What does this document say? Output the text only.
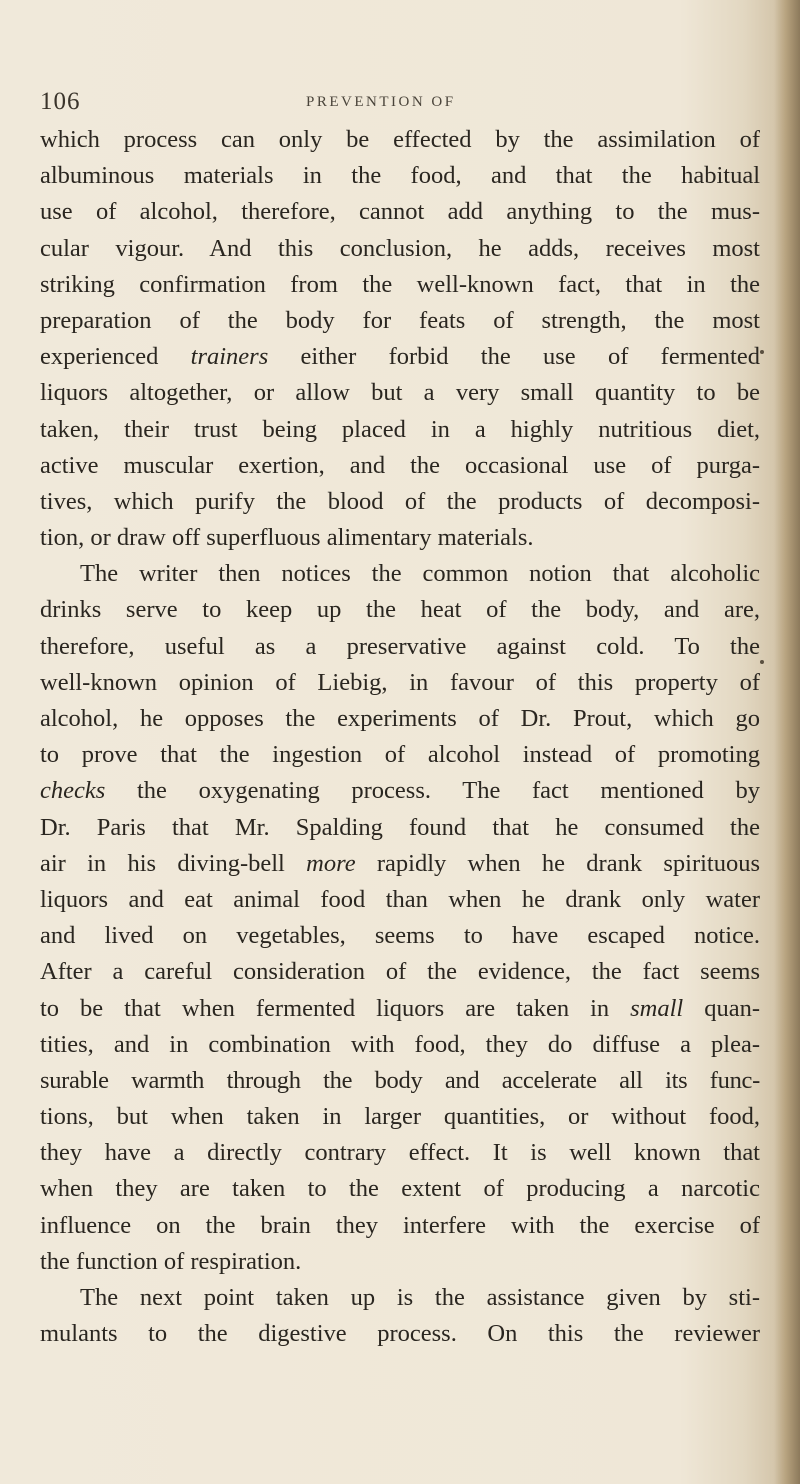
106	PREVENTION OF
which process can only be effected by the assimilation of
albuminous materials in the food, and that the habitual
use of alcohol, therefore, cannot add anything to the mus-
cular vigour. And this conclusion, he adds, receives most
striking confirmation from the well-known fact, that in the
preparation of the body for feats of strength, the most
experienced trainers either forbid the use of fermented
liquors altogether, or allow but a very small quantity to be
taken, their trust being placed in a highly nutritious diet,
active muscular exertion, and the occasional use of purga-
tives, which purify the blood of the products of decomposi-
tion, or draw off superfluous alimentary materials.
The writer then notices the common notion that alcoholic
drinks serve to keep up the heat of the body, and are,
therefore, useful as a preservative against cold. To the
well-known opinion of Liebig, in favour of this property of
alcohol, he opposes the experiments of Dr. Prout, which go
to prove that the ingestion of alcohol instead of promoting
checks the oxygenating process. The fact mentioned by
Dr. Paris that Mr. Spalding found that he consumed the
air in his diving-bell more rapidly when he drank spirituous
liquors and eat animal food than when he drank only water
and lived on vegetables, seems to have escaped notice.
After a careful consideration of the evidence, the fact seems
to be that when fermented liquors are taken in small quan-
tities, and in combination with food, they do diffuse a plea-
surable warmth through the body and accelerate all its func-
tions, but when taken in larger quantities, or without food,
they have a directly contrary effect. It is well known that
when they are taken to the extent of producing a narcotic
influence on the brain they interfere with the exercise of
the function of respiration.
The next point taken up is the assistance given by sti-
mulants to the digestive process. On this the reviewer
